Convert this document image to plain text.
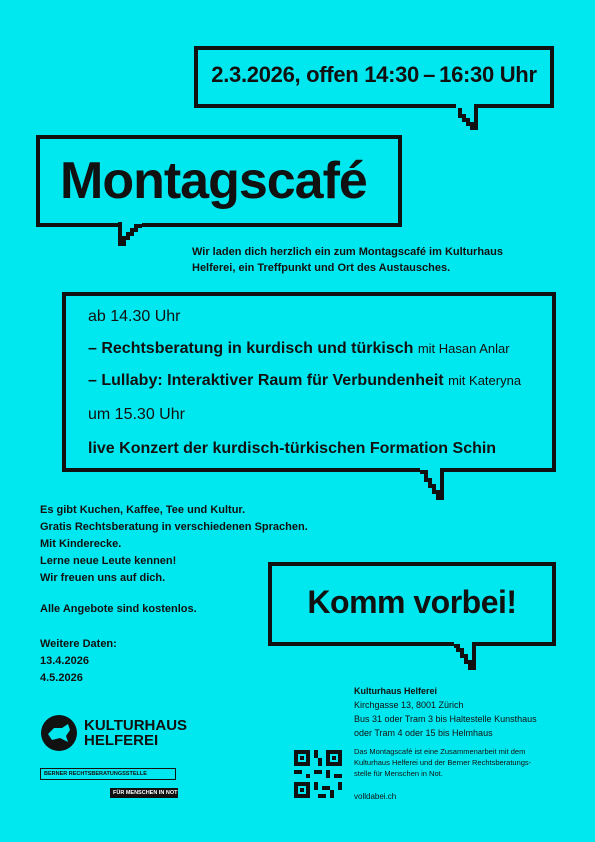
2.3.2026, offen 14:30 – 16:30 Uhr
Montagscafé
Wir laden dich herzlich ein zum Montagscafé im Kulturhaus
Helferei, ein Treffpunkt und Ort des Austausches.
ab 14.30 Uhr
– Rechtsberatung in kurdisch und türkisch mit Hasan Anlar
– Lullaby: Interaktiver Raum für Verbundenheit mit Kateryna
um 15.30 Uhr
live Konzert der kurdisch-türkischen Formation Schin
Es gibt Kuchen, Kaffee, Tee und Kultur.
Gratis Rechtsberatung in verschiedenen Sprachen.
Mit Kinderecke.
Lerne neue Leute kennen!
Wir freuen uns auf dich.
Alle Angebote sind kostenlos.
Weitere Daten:
13.4.2026
4.5.2026
Komm vorbei!
Kulturhaus Helferei
Kirchgasse 13, 8001 Zürich
Bus 31 oder Tram 3 bis Haltestelle Kunsthaus
oder Tram 4 oder 15 bis Helmhaus
Das Montagscafé ist eine Zusammenarbeit mit dem
Kulturhaus Helferei und der Berner Rechtsberatungs-
stelle für Menschen in Not.
volldabei.ch
KULTURHAUS
HELFEREI
BERNER RECHTSBERATUNGSSTELLE
FÜR MENSCHEN IN NOT
